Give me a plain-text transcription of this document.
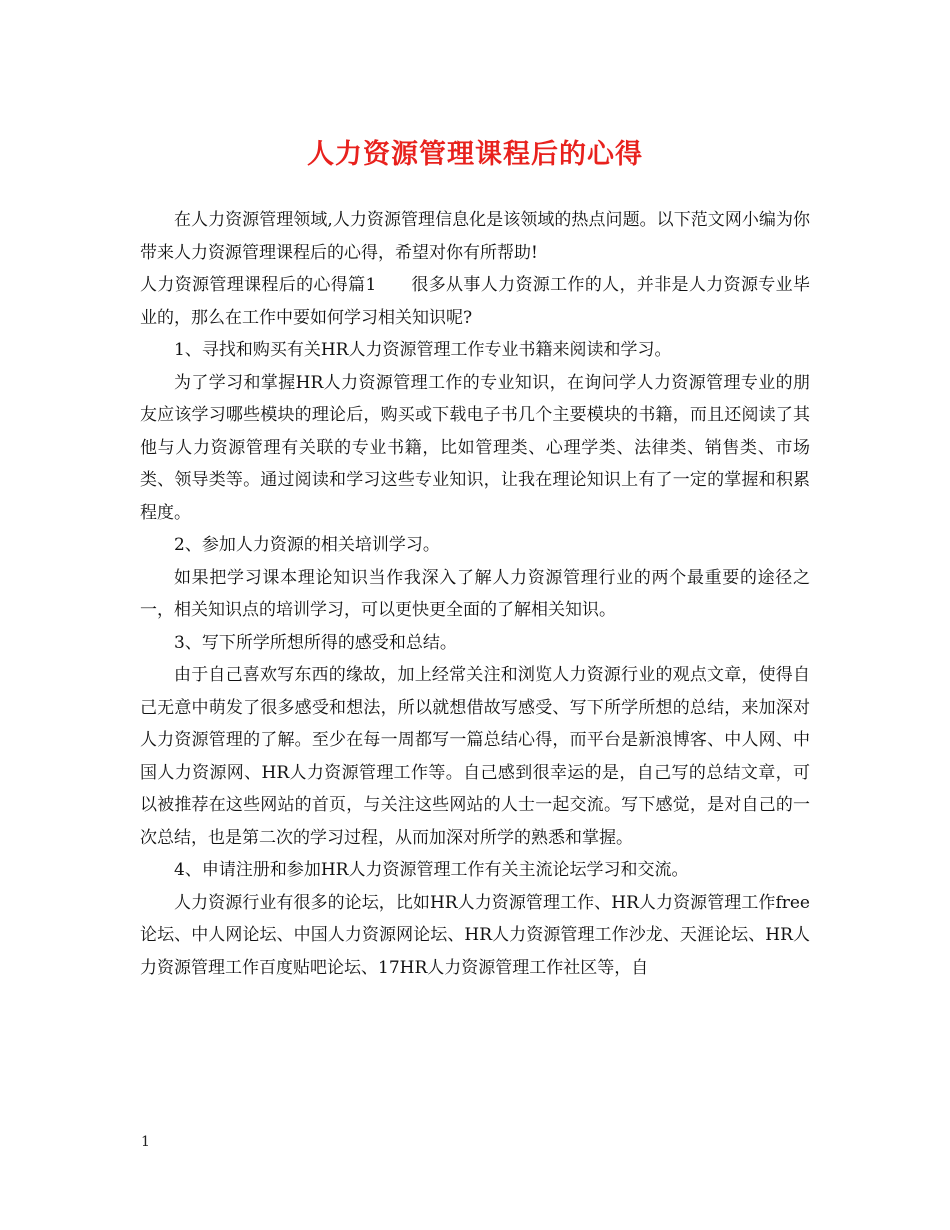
人力资源管理课程后的心得

在人力资源管理领域,人力资源管理信息化是该领域的热点问题。以下范文网小编为你带来人力资源管理课程后的心得，希望对你有所帮助!

人力资源管理课程后的心得篇1　　很多从事人力资源工作的人，并非是人力资源专业毕业的，那么在工作中要如何学习相关知识呢?

1、寻找和购买有关HR人力资源管理工作专业书籍来阅读和学习。

为了学习和掌握HR人力资源管理工作的专业知识，在询问学人力资源管理专业的朋友应该学习哪些模块的理论后，购买或下载电子书几个主要模块的书籍，而且还阅读了其他与人力资源管理有关联的专业书籍，比如管理类、心理学类、法律类、销售类、市场类、领导类等。通过阅读和学习这些专业知识，让我在理论知识上有了一定的掌握和积累程度。

2、参加人力资源的相关培训学习。

如果把学习课本理论知识当作我深入了解人力资源管理行业的两个最重要的途径之一，相关知识点的培训学习，可以更快更全面的了解相关知识。

3、写下所学所想所得的感受和总结。

由于自己喜欢写东西的缘故，加上经常关注和浏览人力资源行业的观点文章，使得自己无意中萌发了很多感受和想法，所以就想借故写感受、写下所学所想的总结，来加深对人力资源管理的了解。至少在每一周都写一篇总结心得，而平台是新浪博客、中人网、中国人力资源网、HR人力资源管理工作等。自己感到很幸运的是，自己写的总结文章，可以被推荐在这些网站的首页，与关注这些网站的人士一起交流。写下感觉，是对自己的一次总结，也是第二次的学习过程，从而加深对所学的熟悉和掌握。

4、申请注册和参加HR人力资源管理工作有关主流论坛学习和交流。

人力资源行业有很多的论坛，比如HR人力资源管理工作、HR人力资源管理工作free论坛、中人网论坛、中国人力资源网论坛、HR人力资源管理工作沙龙、天涯论坛、HR人力资源管理工作百度贴吧论坛、17HR人力资源管理工作社区等，自

1
